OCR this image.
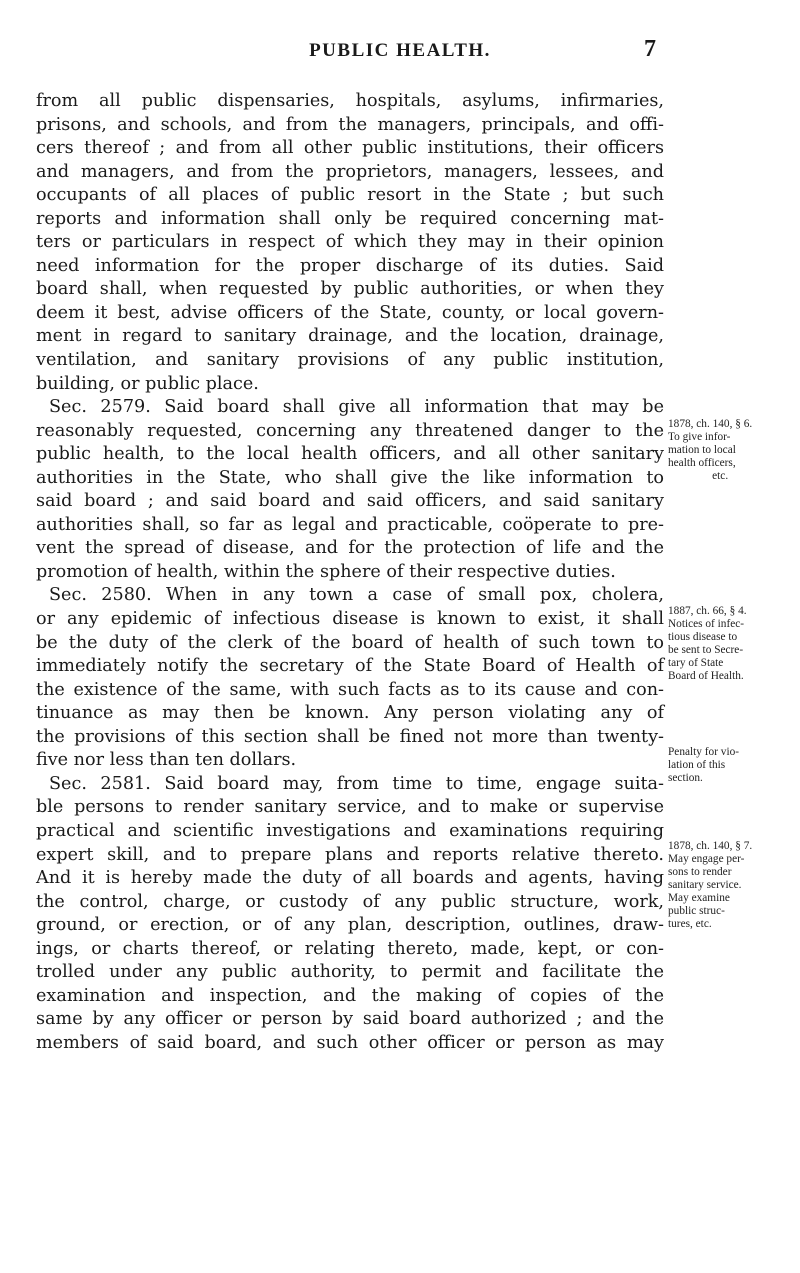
PUBLIC HEALTH.	7
from all public dispensaries, hospitals, asylums, infirmaries,
prisons, and schools, and from the managers, principals, and offi-
cers thereof ; and from all other public institutions, their officers
and managers, and from the proprietors, managers, lessees, and
occupants of all places of public resort in the State ; but such
reports and information shall only be required concerning mat-
ters or particulars in respect of which they may in their opinion
need information for the proper discharge of its duties. Said
board shall, when requested by public authorities, or when they
deem it best, advise officers of the State, county, or local govern-
ment in regard to sanitary drainage, and the location, drainage,
ventilation, and sanitary provisions of any public institution,
building, or public place.
Sec. 2579. Said board shall give all information that may be
reasonably requested, concerning any threatened danger to the
public health, to the local health officers, and all other sanitary
authorities in the State, who shall give the like information to
said board ; and said board and said officers, and said sanitary
authorities shall, so far as legal and practicable, coöperate to pre-
vent the spread of disease, and for the protection of life and the
promotion of health, within the sphere of their respective duties.
Sec. 2580. When in any town a case of small pox, cholera,
or any epidemic of infectious disease is known to exist, it shall
be the duty of the clerk of the board of health of such town to
immediately notify the secretary of the State Board of Health of
the existence of the same, with such facts as to its cause and con-
tinuance as may then be known. Any person violating any of
the provisions of this section shall be fined not more than twenty-
five nor less than ten dollars.
Sec. 2581. Said board may, from time to time, engage suita-
ble persons to render sanitary service, and to make or supervise
practical and scientific investigations and examinations requiring
expert skill, and to prepare plans and reports relative thereto.
And it is hereby made the duty of all boards and agents, having
the control, charge, or custody of any public structure, work,
ground, or erection, or of any plan, description, outlines, draw-
ings, or charts thereof, or relating thereto, made, kept, or con-
trolled under any public authority, to permit and facilitate the
examination and inspection, and the making of copies of the
same by any officer or person by said board authorized ; and the
members of said board, and such other officer or person as may
1878, ch. 140, § 6.
To give infor-
mation to local
health officers,
etc.
1887, ch. 66, § 4.
Notices of infec-
tious disease to
be sent to Secre-
tary of State
Board of Health.
Penalty for vio-
lation of this
section.
1878, ch. 140, § 7.
May engage per-
sons to render
sanitary service.
May examine
public struc-
tures, etc.
